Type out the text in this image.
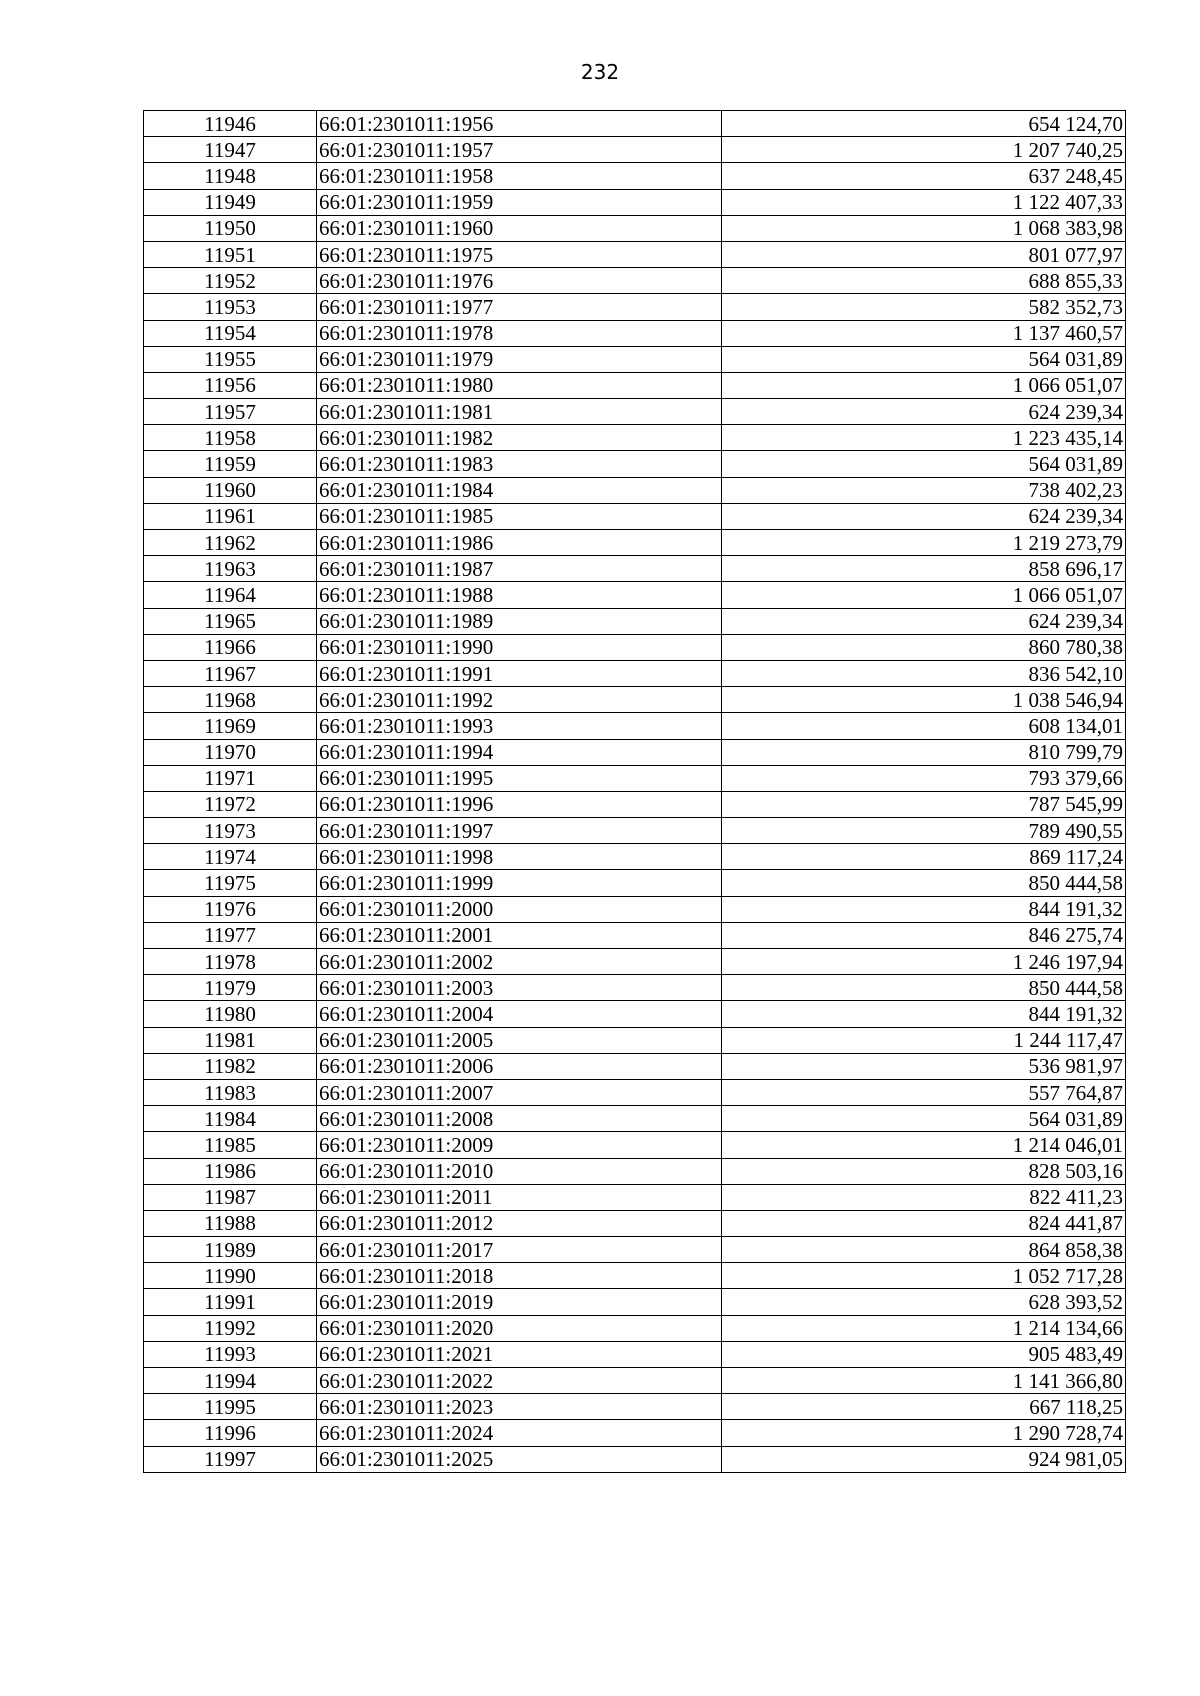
232
11946	66:01:2301011:1956	654 124,70
11947	66:01:2301011:1957	1 207 740,25
11948	66:01:2301011:1958	637 248,45
11949	66:01:2301011:1959	1 122 407,33
11950	66:01:2301011:1960	1 068 383,98
11951	66:01:2301011:1975	801 077,97
11952	66:01:2301011:1976	688 855,33
11953	66:01:2301011:1977	582 352,73
11954	66:01:2301011:1978	1 137 460,57
11955	66:01:2301011:1979	564 031,89
11956	66:01:2301011:1980	1 066 051,07
11957	66:01:2301011:1981	624 239,34
11958	66:01:2301011:1982	1 223 435,14
11959	66:01:2301011:1983	564 031,89
11960	66:01:2301011:1984	738 402,23
11961	66:01:2301011:1985	624 239,34
11962	66:01:2301011:1986	1 219 273,79
11963	66:01:2301011:1987	858 696,17
11964	66:01:2301011:1988	1 066 051,07
11965	66:01:2301011:1989	624 239,34
11966	66:01:2301011:1990	860 780,38
11967	66:01:2301011:1991	836 542,10
11968	66:01:2301011:1992	1 038 546,94
11969	66:01:2301011:1993	608 134,01
11970	66:01:2301011:1994	810 799,79
11971	66:01:2301011:1995	793 379,66
11972	66:01:2301011:1996	787 545,99
11973	66:01:2301011:1997	789 490,55
11974	66:01:2301011:1998	869 117,24
11975	66:01:2301011:1999	850 444,58
11976	66:01:2301011:2000	844 191,32
11977	66:01:2301011:2001	846 275,74
11978	66:01:2301011:2002	1 246 197,94
11979	66:01:2301011:2003	850 444,58
11980	66:01:2301011:2004	844 191,32
11981	66:01:2301011:2005	1 244 117,47
11982	66:01:2301011:2006	536 981,97
11983	66:01:2301011:2007	557 764,87
11984	66:01:2301011:2008	564 031,89
11985	66:01:2301011:2009	1 214 046,01
11986	66:01:2301011:2010	828 503,16
11987	66:01:2301011:2011	822 411,23
11988	66:01:2301011:2012	824 441,87
11989	66:01:2301011:2017	864 858,38
11990	66:01:2301011:2018	1 052 717,28
11991	66:01:2301011:2019	628 393,52
11992	66:01:2301011:2020	1 214 134,66
11993	66:01:2301011:2021	905 483,49
11994	66:01:2301011:2022	1 141 366,80
11995	66:01:2301011:2023	667 118,25
11996	66:01:2301011:2024	1 290 728,74
11997	66:01:2301011:2025	924 981,05
